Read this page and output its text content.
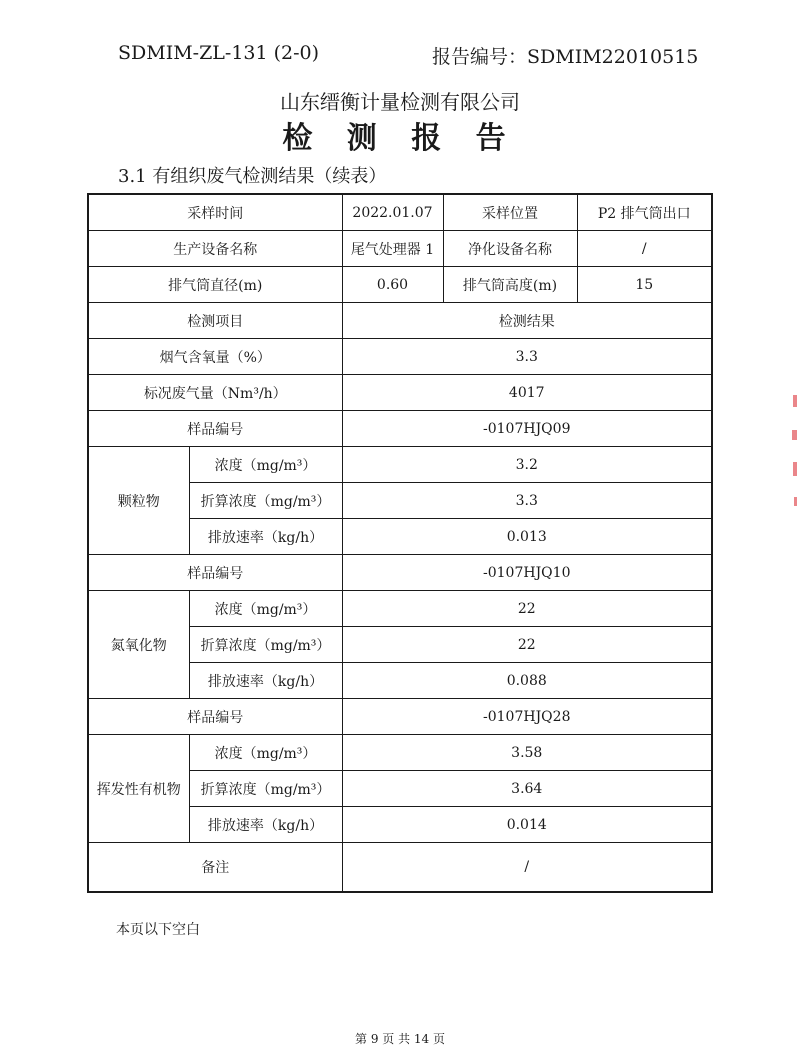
SDMIM-ZL-131 (2-0)	报告编号：SDMIM22010515
山东缙衡计量检测有限公司
检 测 报 告
3.1 有组织废气检测结果（续表）
采样时间		2022.01.07	采样位置	P2 排气筒出口
生产设备名称		尾气处理器 1	净化设备名称	/
排气筒直径(m)		0.60	排气筒高度(m)	15
检测项目		检测结果		
烟气含氧量（%）		3.3		
标况废气量（Nm³/h）		4017		
样品编号		-0107HJQ09		
颗粒物	浓度（mg/m³）	3.2		
	折算浓度（mg/m³）	3.3		
	排放速率（kg/h）	0.013		
样品编号		-0107HJQ10		
氮氧化物	浓度（mg/m³）	22		
	折算浓度（mg/m³）	22		
	排放速率（kg/h）	0.088		
样品编号		-0107HJQ28		
挥发性有机物	浓度（mg/m³）	3.58		
	折算浓度（mg/m³）	3.64		
	排放速率（kg/h）	0.014		
备注		/		
本页以下空白
第 9 页 共 14 页
